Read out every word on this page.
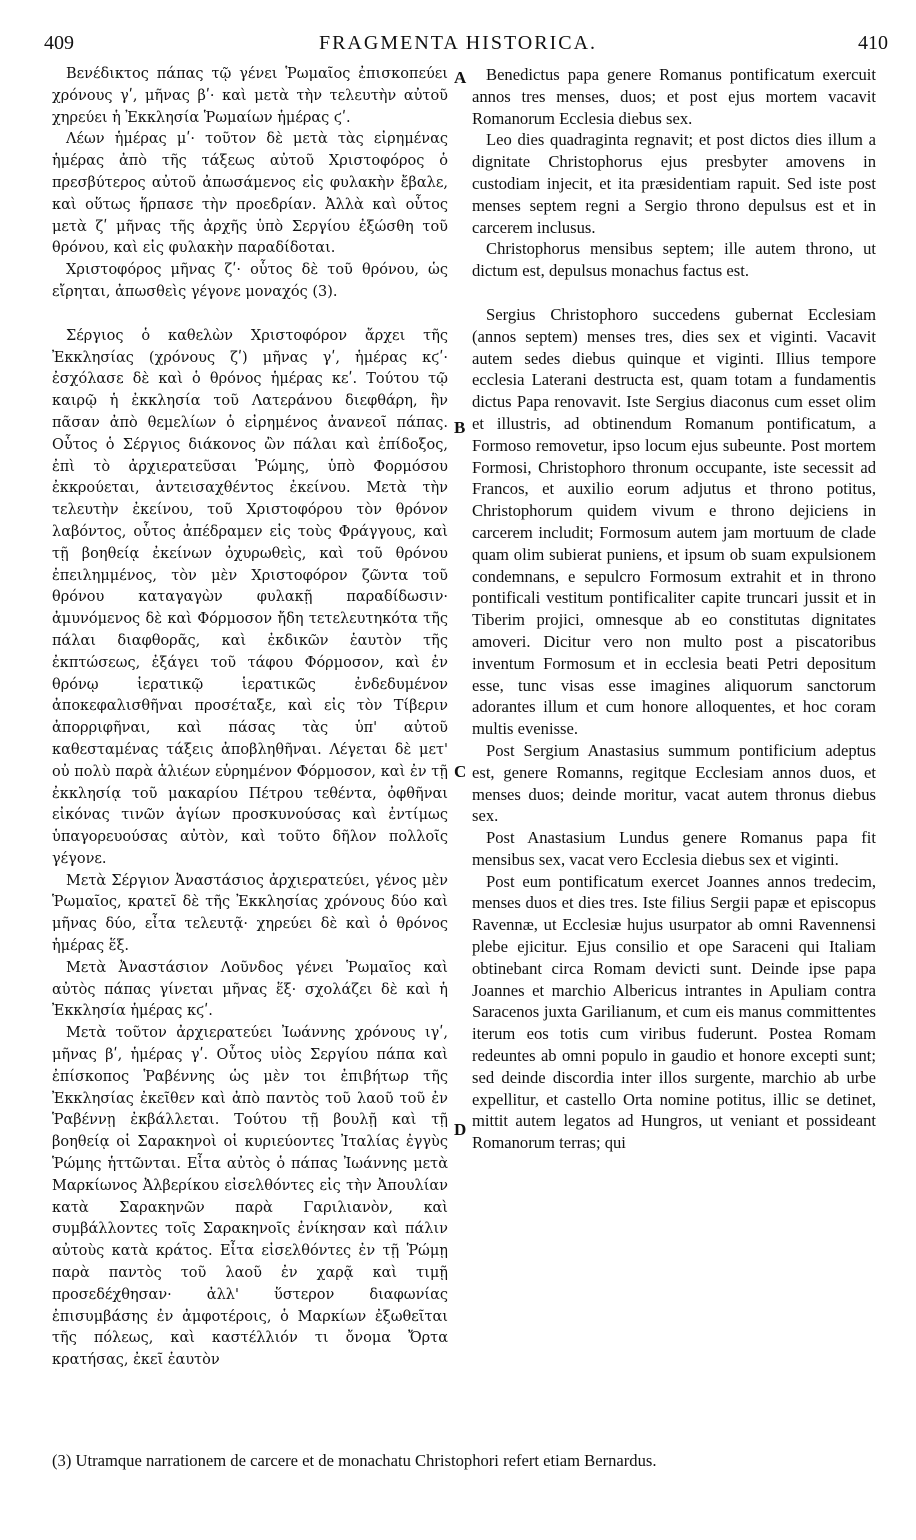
409	FRAGMENTA HISTORICA.	410

Βενέδικτος πάπας τῷ γένει Ῥωμαῖος ἐπισκοπεύει χρόνους γʹ, μῆνας βʹ· καὶ μετὰ τὴν τελευτὴν αὐτοῦ χηρεύει ἡ Ἐκκλησία Ῥωμαίων ἡμέρας ϛʹ.

Λέων ἡμέρας μʹ· τοῦτον δὲ μετὰ τὰς εἰρημένας ἡμέρας ἀπὸ τῆς τάξεως αὐτοῦ Χριστοφόρος ὁ πρεσβύτερος αὐτοῦ ἀπωσάμενος εἰς φυλακὴν ἔβαλε, καὶ οὕτως ἥρπασε τὴν προεδρίαν. Ἀλλὰ καὶ οὗτος μετὰ ζʹ μῆνας τῆς ἀρχῆς ὑπὸ Σεργίου ἐξώσθη τοῦ θρόνου, καὶ εἰς φυλακὴν παραδίδοται.

Χριστοφόρος μῆνας ζʹ· οὗτος δὲ τοῦ θρόνου, ὡς εἴρηται, ἀπωσθεὶς γέγονε μοναχός (3).

Σέργιος ὁ καθελὼν Χριστοφόρον ἄρχει τῆς Ἐκκλησίας (χρόνους ζʹ) μῆνας γʹ, ἡμέρας κϛʹ· ἐσχόλασε δὲ καὶ ὁ θρόνος ἡμέρας κεʹ. Τούτου τῷ καιρῷ ἡ ἐκκλησία τοῦ Λατεράνου διεφθάρη, ἣν πᾶσαν ἀπὸ θεμελίων ὁ εἰρημένος ἀνανεοῖ πάπας. Οὗτος ὁ Σέργιος διάκονος ὢν πάλαι καὶ ἐπίδοξος, ἐπὶ τὸ ἀρχιερατεῦσαι Ῥώμης, ὑπὸ Φορμόσου ἐκκρούεται, ἀντεισαχθέντος ἐκείνου. Μετὰ τὴν τελευτὴν ἐκείνου, τοῦ Χριστοφόρου τὸν θρόνον λαβόντος, οὗτος ἀπέδραμεν εἰς τοὺς Φράγγους, καὶ τῇ βοηθείᾳ ἐκείνων ὀχυρωθεὶς, καὶ τοῦ θρόνου ἐπειλημμένος, τὸν μὲν Χριστοφόρον ζῶντα τοῦ θρόνου καταγαγὼν φυλακῇ παραδίδωσιν· ἀμυνόμενος δὲ καὶ Φόρμοσον ἤδη τετελευτηκότα τῆς πάλαι διαφθορᾶς, καὶ ἐκδικῶν ἑαυτὸν τῆς ἐκπτώσεως, ἐξάγει τοῦ τάφου Φόρμοσον, καὶ ἐν θρόνῳ ἱερατικῷ ἱερατικῶς ἐνδεδυμένον ἀποκεφαλισθῆναι προσέταξε, καὶ εἰς τὸν Τίβεριν ἀπορριφῆναι, καὶ πάσας τὰς ὑπ' αὐτοῦ καθεσταμένας τάξεις ἀποβληθῆναι. Λέγεται δὲ μετ' οὐ πολὺ παρὰ ἁλιέων εὑρημένον Φόρμοσον, καὶ ἐν τῇ ἐκκλησίᾳ τοῦ μακαρίου Πέτρου τεθέντα, ὀφθῆναι εἰκόνας τινῶν ἁγίων προσκυνούσας καὶ ἐντίμως ὑπαγορευούσας αὐτὸν, καὶ τοῦτο δῆλον πολλοῖς γέγονε.

Μετὰ Σέργιον Ἀναστάσιος ἀρχιερατεύει, γένος μὲν Ῥωμαῖος, κρατεῖ δὲ τῆς Ἐκκλησίας χρόνους δύο καὶ μῆνας δύο, εἶτα τελευτᾷ· χηρεύει δὲ καὶ ὁ θρόνος ἡμέρας ἕξ.

Μετὰ Ἀναστάσιον Λοῦνδος γένει Ῥωμαῖος καὶ αὐτὸς πάπας γίνεται μῆνας ἕξ· σχολάζει δὲ καὶ ἡ Ἐκκλησία ἡμέρας κϛʹ.

Μετὰ τοῦτον ἀρχιερατεύει Ἰωάννης χρόνους ιγʹ, μῆνας βʹ, ἡμέρας γʹ. Οὗτος υἱὸς Σεργίου πάπα καὶ ἐπίσκοπος Ῥαβέννης ὡς μὲν τοι ἐπιβήτωρ τῆς Ἐκκλησίας ἐκεῖθεν καὶ ἀπὸ παντὸς τοῦ λαοῦ τοῦ ἐν Ῥαβέννῃ ἐκβάλλεται. Τούτου τῇ βουλῇ καὶ τῇ βοηθείᾳ οἱ Σαρακηνοὶ οἱ κυριεύοντες Ἰταλίας ἐγγὺς Ῥώμης ἡττῶνται. Εἶτα αὐτὸς ὁ πάπας Ἰωάννης μετὰ Μαρκίωνος Ἀλβερίκου εἰσελθόντες εἰς τὴν Ἀπουλίαν κατὰ Σαρακηνῶν παρὰ Γαριλιανὸν, καὶ συμβάλλοντες τοῖς Σαρακηνοῖς ἐνίκησαν καὶ πάλιν αὐτοὺς κατὰ κράτος. Εἶτα εἰσελθόντες ἐν τῇ Ῥώμῃ παρὰ παντὸς τοῦ λαοῦ ἐν χαρᾷ καὶ τιμῇ προσεδέχθησαν· ἀλλ' ὕστερον διαφωνίας ἐπισυμβάσης ἐν ἀμφοτέροις, ὁ Μαρκίων ἐξωθεῖται τῆς πόλεως, καὶ καστέλλιόν τι ὄνομα Ὄρτα κρατήσας, ἐκεῖ ἑαυτὸν

Benedictus papa genere Romanus pontificatum exercuit annos tres menses, duos; et post ejus mortem vacavit Romanorum Ecclesia diebus sex.

Leo dies quadraginta regnavit; et post dictos dies illum a dignitate Christophorus ejus presbyter amovens in custodiam injecit, et ita præsidentiam rapuit. Sed iste post menses septem regni a Sergio throno depulsus est et in carcerem inclusus.

Christophorus mensibus septem; ille autem throno, ut dictum est, depulsus monachus factus est.

Sergius Christophoro succedens gubernat Ecclesiam (annos septem) menses tres, dies sex et viginti. Vacavit autem sedes diebus quinque et viginti. Illius tempore ecclesia Laterani destructa est, quam totam a fundamentis dictus Papa renovavit. Iste Sergius diaconus cum esset olim et illustris, ad obtinendum Romanum pontificatum, a Formoso removetur, ipso locum ejus subeunte. Post mortem Formosi, Christophoro thronum occupante, iste secessit ad Francos, et auxilio eorum adjutus et throno potitus, Christophorum quidem vivum e throno dejiciens in carcerem includit; Formosum autem jam mortuum de clade quam olim subierat puniens, et ipsum ob suam expulsionem condemnans, e sepulcro Formosum extrahit et in throno pontificali vestitum pontificaliter capite truncari jussit et in Tiberim projici, omnesque ab eo constitutas dignitates amoveri. Dicitur vero non multo post a piscatoribus inventum Formosum et in ecclesia beati Petri depositum esse, tunc visas esse imagines aliquorum sanctorum adorantes illum et cum honore alloquentes, et hoc coram multis evenisse.

Post Sergium Anastasius summum pontificium adeptus est, genere Romanns, regitque Ecclesiam annos duos, et menses duos; deinde moritur, vacat autem thronus diebus sex.

Post Anastasium Lundus genere Romanus papa fit mensibus sex, vacat vero Ecclesia diebus sex et viginti.

Post eum pontificatum exercet Joannes annos tredecim, menses duos et dies tres. Iste filius Sergii papæ et episcopus Ravennæ, ut Ecclesiæ hujus usurpator ab omni Ravennensi plebe ejicitur. Ejus consilio et ope Saraceni qui Italiam obtinebant circa Romam devicti sunt. Deinde ipse papa Joannes et marchio Albericus intrantes in Apuliam contra Saracenos juxta Garilianum, et cum eis manus committentes iterum eos totis cum viribus fuderunt. Postea Romam redeuntes ab omni populo in gaudio et honore excepti sunt; sed deinde discordia inter illos surgente, marchio ab urbe expellitur, et castello Orta nomine potitus, illic se detinet, mittit autem legatos ad Hungros, ut veniant et possideant Romanorum terras; qui

A
B
C
D
(3) Utramque narrationem de carcere et de monachatu Christophori refert etiam Bernardus.
